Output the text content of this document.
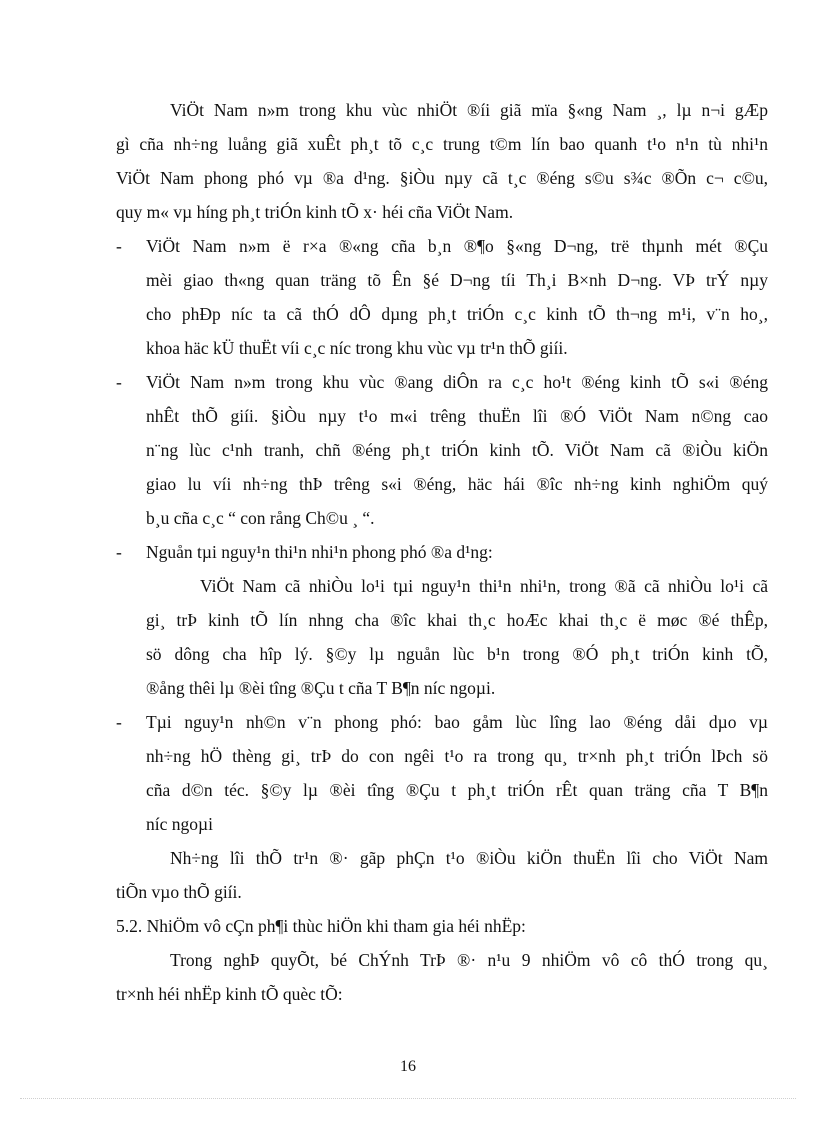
ViÖt Nam n»m trong khu vùc nhiÖt ®íi giã mïa §«ng Nam ¸, lµ n¬i gÆp
gì cña nh÷ng luång giã xuÊt ph¸t tõ c¸c trung t©m lín bao quanh t¹o n¹n tù nhi¹n
ViÖt Nam phong phó vµ ®a d¹ng. §iÒu nµy cã t¸c ®éng s©u s¾c ®Õn c¬ c©u,
quy m« vµ híng ph¸t triÓn kinh tÕ x· héi cña ViÖt Nam.
- ViÖt Nam n»m ë r×a ®«ng cña b¸n ®¶o §«ng D¬ng, trë thµnh mét ®Çu
mèi giao th«ng quan träng tõ Ên §é D¬ng tíi Th¸i B×nh D¬ng. VÞ trÝ nµy
cho phÐp níc ta cã thÓ dÔ dµng ph¸t triÓn c¸c kinh tÕ th¬ng m¹i, v¨n ho¸,
khoa häc kÜ thuËt víi c¸c níc trong khu vùc vµ tr¹n thÕ giíi.
- ViÖt Nam n»m trong khu vùc ®ang diÔn ra c¸c ho¹t ®éng kinh tÕ s«i ®éng
nhÊt thÕ giíi. §iÒu nµy t¹o m«i trêng thuËn lîi ®Ó ViÖt Nam n©ng cao
n¨ng lùc c¹nh tranh, chñ ®éng ph¸t triÓn kinh tÕ. ViÖt Nam cã ®iÒu kiÖn
giao lu víi nh÷ng thÞ trêng s«i ®éng, häc hái ®îc nh÷ng kinh nghiÖm quý
b¸u cña c¸c “ con rång Ch©u ¸ “.
- Nguån tµi nguy¹n thi¹n nhi¹n phong phó ®a d¹ng:
ViÖt Nam cã nhiÒu lo¹i tµi nguy¹n thi¹n nhi¹n, trong ®ã cã nhiÒu lo¹i cã
gi¸ trÞ kinh tÕ lín nhng cha ®îc khai th¸c hoÆc khai th¸c ë møc ®é thÊp,
sö dông cha hîp lý. §©y lµ nguån lùc b¹n trong ®Ó ph¸t triÓn kinh tÕ,
®ång thêi lµ ®èi tîng ®Çu t cña T B¶n níc ngoµi.
- Tµi nguy¹n nh©n v¨n phong phó: bao gåm lùc lîng lao ®éng dåi dµo vµ
nh÷ng hÖ thèng gi¸ trÞ do con ngêi t¹o ra trong qu¸ tr×nh ph¸t triÓn lÞch sö
cña d©n téc. §©y lµ ®èi tîng ®Çu t ph¸t triÓn rÊt quan träng cña T B¶n
níc ngoµi
Nh÷ng lîi thÕ tr¹n ®· gãp phÇn t¹o ®iÒu kiÖn thuËn lîi cho ViÖt Nam
tiÕn vµo thÕ giíi.
5.2. NhiÖm vô cÇn ph¶i thùc hiÖn khi tham gia héi nhËp:
Trong nghÞ quyÕt, bé ChÝnh TrÞ ®· n¹u 9 nhiÖm vô cô thÓ trong qu¸
tr×nh héi nhËp kinh tÕ quèc tÕ:
16
